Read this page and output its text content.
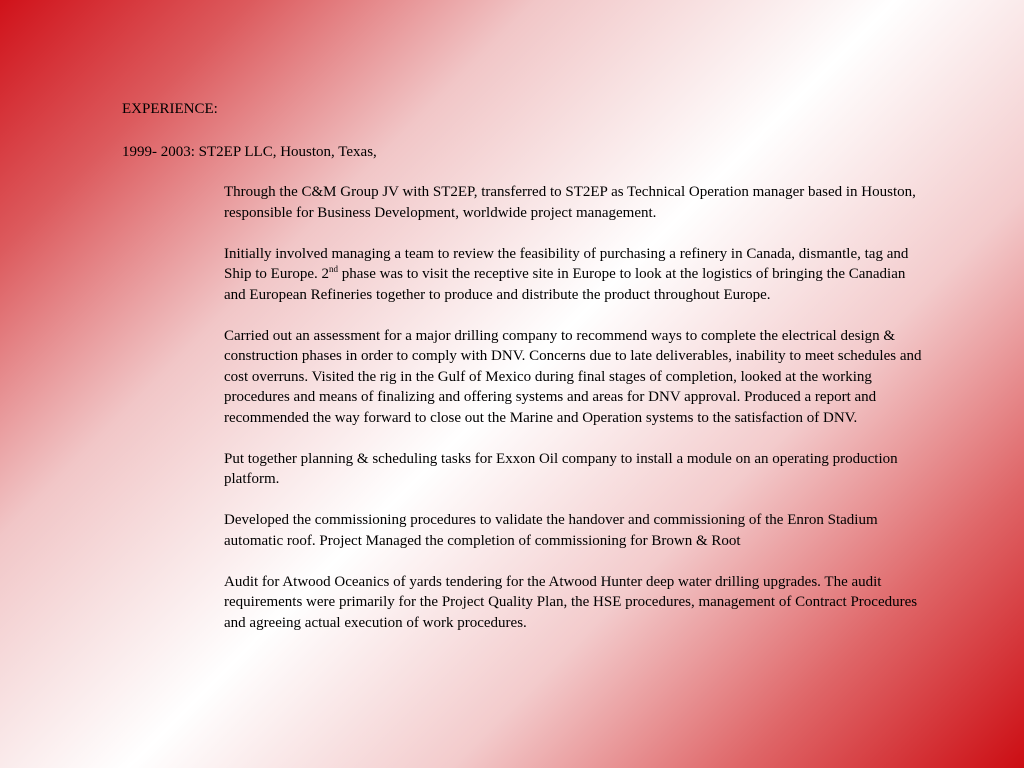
EXPERIENCE:
1999- 2003: ST2EP LLC, Houston, Texas,

Through the C&M Group JV with ST2EP, transferred to ST2EP as Technical Operation manager based in Houston, responsible for Business Development, worldwide project management.

Initially involved managing a team to review the feasibility of purchasing a refinery in Canada, dismantle, tag and Ship to Europe. 2nd phase was to visit the receptive site in Europe to look at the logistics of bringing the Canadian and European Refineries together to produce and distribute the product throughout Europe.

Carried out an assessment for a major drilling company to recommend ways to complete the electrical design & construction phases in order to comply with DNV. Concerns due to late deliverables, inability to meet schedules and cost overruns. Visited the rig in the Gulf of Mexico during final stages of completion, looked at the working procedures and means of finalizing and offering systems and areas for DNV approval. Produced a report and recommended the way forward to close out the Marine and Operation systems to the satisfaction of DNV.

Put together planning & scheduling tasks for Exxon Oil company to install a module on an operating production platform.

Developed the commissioning procedures to validate the handover and commissioning of the Enron Stadium automatic roof. Project Managed the completion of commissioning for Brown & Root

Audit for Atwood Oceanics of yards tendering for the Atwood Hunter deep water drilling upgrades. The audit requirements were primarily for the Project Quality Plan, the HSE procedures, management of Contract Procedures and agreeing actual execution of work procedures.
